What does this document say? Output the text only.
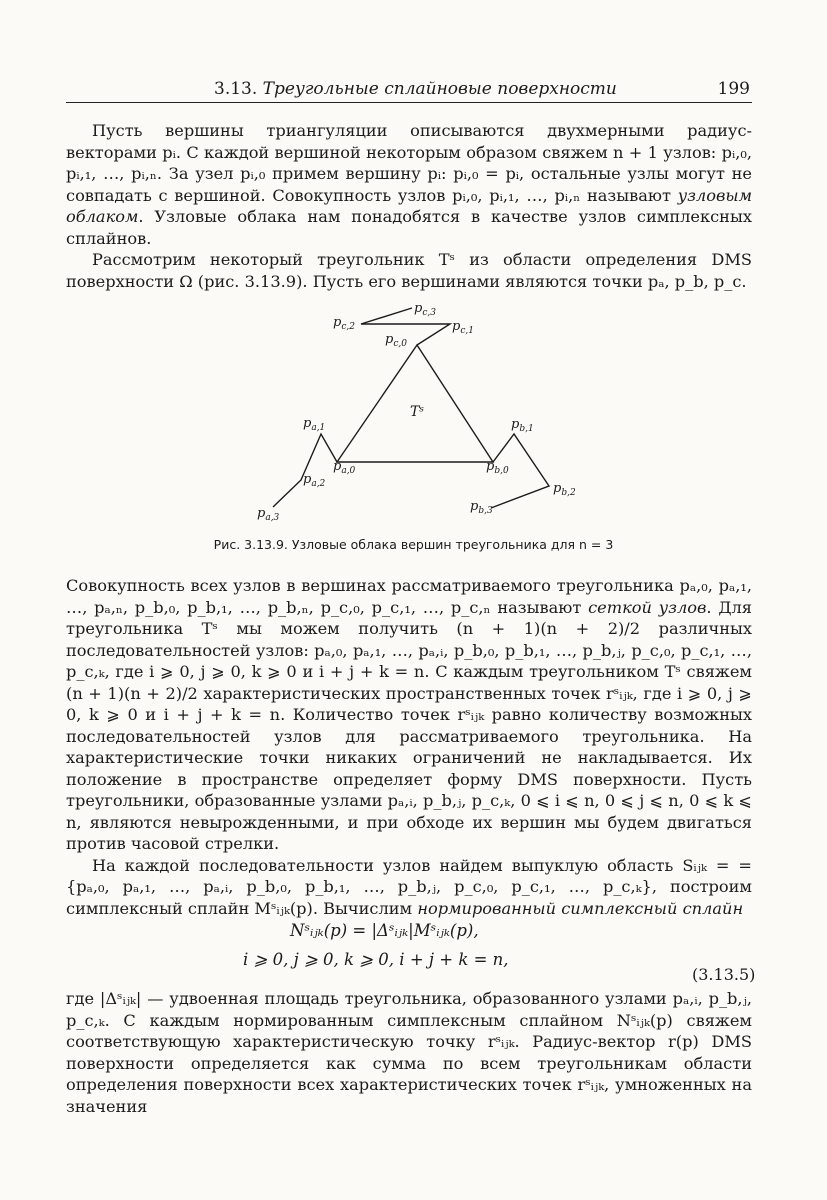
3.13. Треугольные сплайновые поверхности	199

Пусть вершины триангуляции описываются двухмерными радиус-векторами pᵢ. С каждой вершиной некоторым образом свяжем n + 1 узлов: pᵢ,₀, pᵢ,₁, …, pᵢ,ₙ. За узел pᵢ,₀ примем вершину pᵢ: pᵢ,₀ = pᵢ, остальные узлы могут не совпадать с вершиной. Совокупность узлов pᵢ,₀, pᵢ,₁, …, pᵢ,ₙ называют узловым облаком. Узловые облака нам понадобятся в качестве узлов симплексных сплайнов.

Рассмотрим некоторый треугольник Tˢ из области определения DMS поверхности Ω (рис. 3.13.9). Пусть его вершинами являются точки pₐ, p_b, p_c.

$p_{c,3}$
$p_{c,2}$	$p_{c,1}$
$p_{c,0}$
$p_{a,1}$
$p_{a,0}$
$p_{a,2}$
$p_{a,3}$
$p_{b,1}$
$p_{b,0}$
$p_{b,2}$
$p_{b,3}$
Tˢ
Рис. 3.13.9. Узловые облака вершин треугольника для n = 3

Совокупность всех узлов в вершинах рассматриваемого треугольника pₐ,₀, pₐ,₁, …, pₐ,ₙ, p_b,₀, p_b,₁, …, p_b,ₙ, p_c,₀, p_c,₁, …, p_c,ₙ называют сеткой узлов. Для треугольника Tˢ мы можем получить (n + 1)(n + 2)/2 различных последовательностей узлов: pₐ,₀, pₐ,₁, …, pₐ,ᵢ, p_b,₀, p_b,₁, …, p_b,ⱼ, p_c,₀, p_c,₁, …, p_c,ₖ, где i ⩾ 0, j ⩾ 0, k ⩾ 0 и i + j + k = n. С каждым треугольником Tˢ свяжем (n + 1)(n + 2)/2 характеристических пространственных точек rˢᵢⱼₖ, где i ⩾ 0, j ⩾ 0, k ⩾ 0 и i + j + k = n. Количество точек rˢᵢⱼₖ равно количеству возможных последовательностей узлов для рассматриваемого треугольника. На характеристические точки никаких ограничений не накладывается. Их положение в пространстве определяет форму DMS поверхности. Пусть треугольники, образованные узлами pₐ,ᵢ, p_b,ⱼ, p_c,ₖ, 0 ⩽ i ⩽ n, 0 ⩽ j ⩽ n, 0 ⩽ k ⩽ n, являются невырожденными, и при обходе их вершин мы будем двигаться против часовой стрелки.

На каждой последовательности узлов найдем выпуклую область Sᵢⱼₖ = = {pₐ,₀, pₐ,₁, …, pₐ,ᵢ, p_b,₀, p_b,₁, …, p_b,ⱼ, p_c,₀, p_c,₁, …, p_c,ₖ}, построим симплексный сплайн Mˢᵢⱼₖ(p). Вычислим нормированный симплексный сплайн

Nˢᵢⱼₖ(p) = |Δˢᵢⱼₖ|Mˢᵢⱼₖ(p),
i ⩾ 0, j ⩾ 0, k ⩾ 0, i + j + k = n,
(3.13.5)

где |Δˢᵢⱼₖ| — удвоенная площадь треугольника, образованного узлами pₐ,ᵢ, p_b,ⱼ, p_c,ₖ. С каждым нормированным симплексным сплайном Nˢᵢⱼₖ(p) свяжем соответствующую характеристическую точку rˢᵢⱼₖ. Радиус-вектор r(p) DMS поверхности определяется как сумма по всем треугольникам области определения поверхности всех характеристических точек rˢᵢⱼₖ, умноженных на значения
